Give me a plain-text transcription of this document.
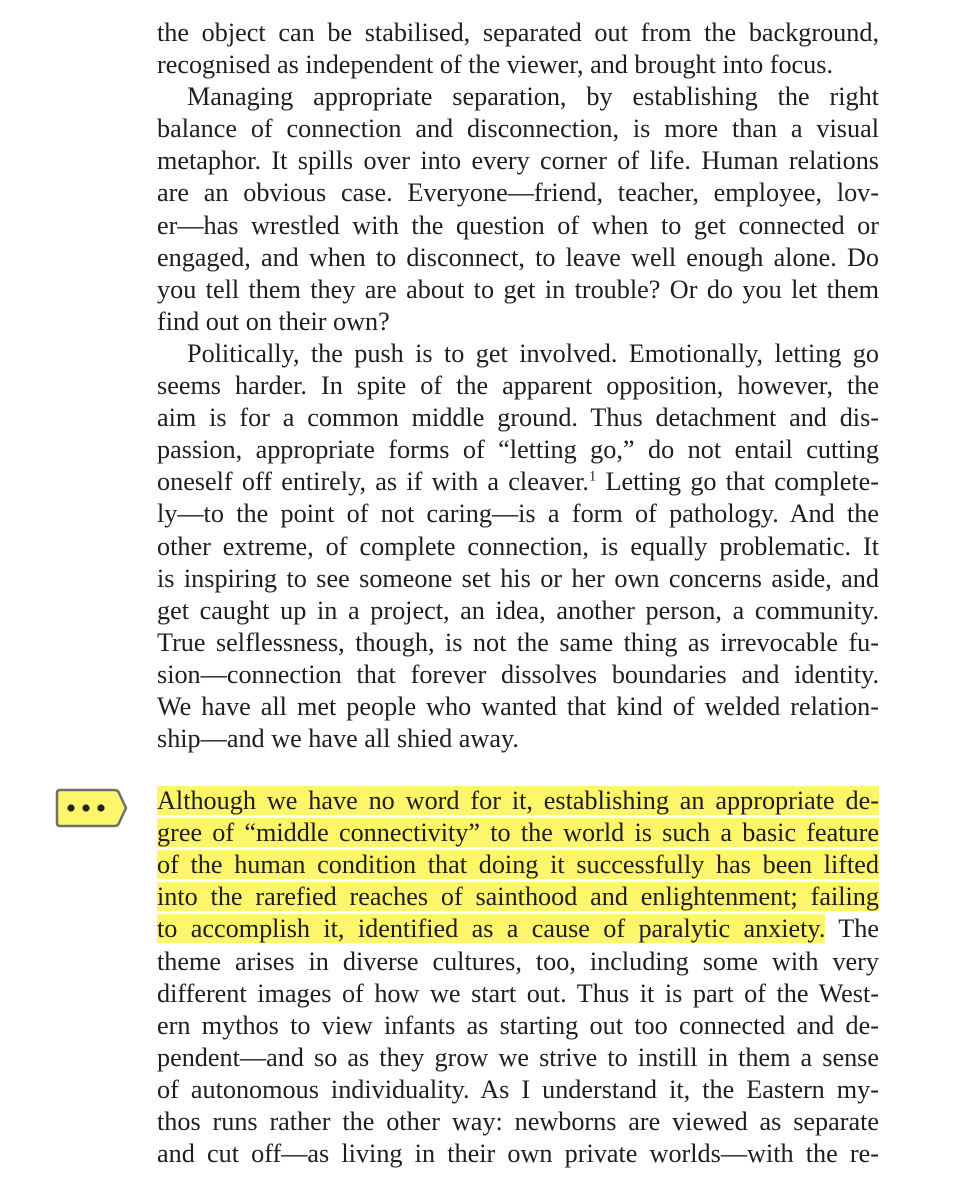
the object can be stabilised, separated out from the background,
recognised as independent of the viewer, and brought into focus.
Managing appropriate separation, by establishing the right
balance of connection and disconnection, is more than a visual
metaphor. It spills over into every corner of life. Human relations
are an obvious case. Everyone—friend, teacher, employee, lov-
er—has wrestled with the question of when to get connected or
engaged, and when to disconnect, to leave well enough alone. Do
you tell them they are about to get in trouble? Or do you let them
find out on their own?
Politically, the push is to get involved. Emotionally, letting go
seems harder. In spite of the apparent opposition, however, the
aim is for a common middle ground. Thus detachment and dis-
passion, appropriate forms of “letting go,” do not entail cutting
oneself off entirely, as if with a cleaver.$^1$ Letting go that complete-
ly—to the point of not caring—is a form of pathology. And the
other extreme, of complete connection, is equally problematic. It
is inspiring to see someone set his or her own concerns aside, and
get caught up in a project, an idea, another person, a community.
True selflessness, though, is not the same thing as irrevocable fu-
sion—connection that forever dissolves boundaries and identity.
We have all met people who wanted that kind of welded relation-
ship—and we have all shied away.
Although we have no word for it, establishing an appropriate de-
gree of “middle connectivity” to the world is such a basic feature
of the human condition that doing it successfully has been lifted
into the rarefied reaches of sainthood and enlightenment; failing
to accomplish it, identified as a cause of paralytic anxiety. The
theme arises in diverse cultures, too, including some with very
different images of how we start out. Thus it is part of the West-
ern mythos to view infants as starting out too connected and de-
pendent—and so as they grow we strive to instill in them a sense
of autonomous individuality. As I understand it, the Eastern my-
thos runs rather the other way: newborns are viewed as separate
and cut off—as living in their own private worlds—with the re-
